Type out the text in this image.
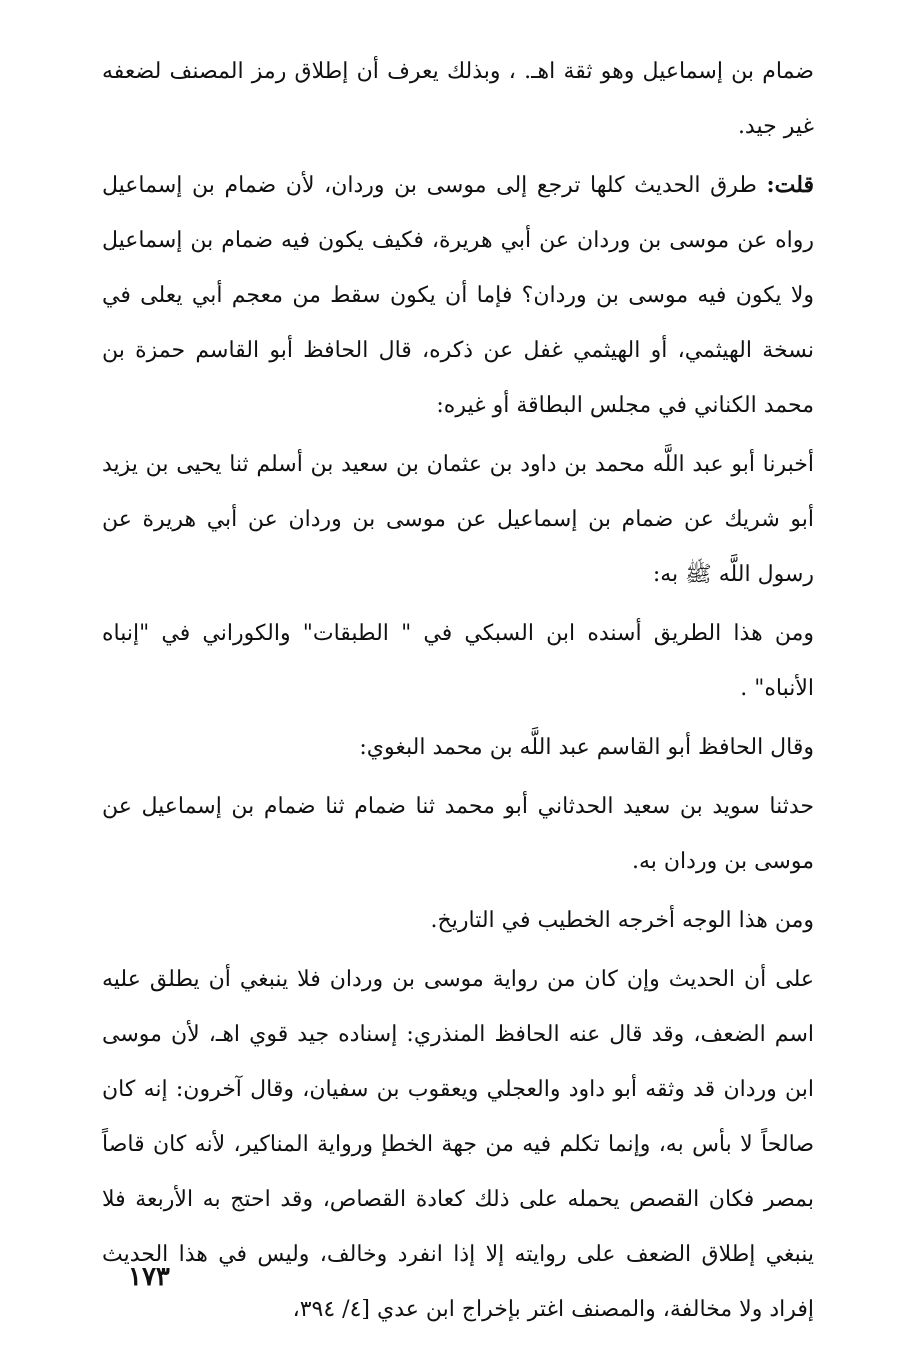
ضمام بن إسماعيل وهو ثقة اهـ. ، وبذلك يعرف أن إطلاق رمز المصنف لضعفه غير جيد.

قلت: طرق الحديث كلها ترجع إلى موسى بن وردان، لأن ضمام بن إسماعيل رواه عن موسى بن وردان عن أبي هريرة، فكيف يكون فيه ضمام بن إسماعيل ولا يكون فيه موسى بن وردان؟ فإما أن يكون سقط من معجم أبي يعلى في نسخة الهيثمي، أو الهيثمي غفل عن ذكره، قال الحافظ أبو القاسم حمزة بن محمد الكناني في مجلس البطاقة أو غيره:

أخبرنا أبو عبد اللَّه محمد بن داود بن عثمان بن سعيد بن أسلم ثنا يحيى بن يزيد أبو شريك عن ضمام بن إسماعيل عن موسى بن وردان عن أبي هريرة عن رسول اللَّه ﷺ به:

ومن هذا الطريق أسنده ابن السبكي في " الطبقات" والكوراني في "إنباه الأنباه" .

وقال الحافظ أبو القاسم عبد اللَّه بن محمد البغوي:

حدثنا سويد بن سعيد الحدثاني أبو محمد ثنا ضمام ثنا ضمام بن إسماعيل عن موسى بن وردان به.

ومن هذا الوجه أخرجه الخطيب في التاريخ.

على أن الحديث وإن كان من رواية موسى بن وردان فلا ينبغي أن يطلق عليه اسم الضعف، وقد قال عنه الحافظ المنذري: إسناده جيد قوي اهـ، لأن موسى ابن وردان قد وثقه أبو داود والعجلي ويعقوب بن سفيان، وقال آخرون: إنه كان صالحاً لا بأس به، وإنما تكلم فيه من جهة الخطإ ورواية المناكير، لأنه كان قاصاً بمصر فكان القصص يحمله على ذلك كعادة القصاص، وقد احتج به الأربعة فلا ينبغي إطلاق الضعف على روايته إلا إذا انفرد وخالف، وليس في هذا الحديث إفراد ولا مخالفة، والمصنف اغتر بإخراج ابن عدي [٤/ ٣٩٤،

١٧٣
